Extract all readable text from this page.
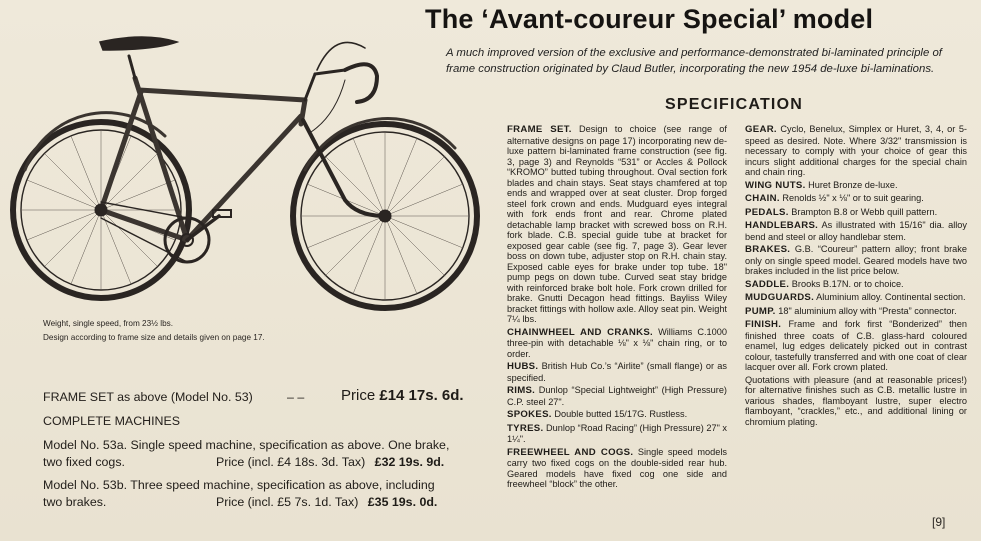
The ‘Avant-coureur Special’ model
A much improved version of the exclusive and performance-demonstrated bi-laminated principle of frame construction originated by Claud Butler, incorporating the new 1954 de-luxe bi-laminations.

Weight, single speed, from 23½ lbs.

Design according to frame size and details given on page 17.

SPECIFICATION

FRAME SET. Design to choice (see range of alternative designs on page 17) incorporating new de-luxe pattern bi-laminated frame construction (see fig. 3, page 3) and Reynolds “531” or Accles & Pollock “KROMO” butted tubing throughout. Oval section fork blades and chain stays. Seat stays chamfered at top ends and wrapped over at seat cluster. Drop forged steel fork crown and ends. Mudguard eyes integral with fork ends front and rear. Chrome plated detachable lamp bracket with screwed boss on R.H. fork blade. C.B. special guide tube at bracket for exposed gear cable (see fig. 7, page 3). Gear lever boss on down tube, adjuster stop on R.H. chain stay. Exposed cable eyes for brake under top tube. 18" pump pegs on down tube. Curved seat stay bridge with reinforced brake bolt hole. Fork crown drilled for brake. Gnutti Decagon head fittings. Bayliss Wiley bracket fittings with hollow axle. Alloy seat pin. Weight 7¼ lbs.

CHAINWHEEL AND CRANKS. Williams C.1000 three-pin with detachable ⅛" x ⅛" chain ring, or to order.

HUBS. British Hub Co.’s “Airlite” (small flange) or as specified.

RIMS. Dunlop “Special Lightweight” (High Pressure) C.P. steel 27".

SPOKES. Double butted 15/17G. Rustless.

TYRES. Dunlop “Road Racing” (High Pressure) 27" x 1¼".

FREEWHEEL AND COGS. Single speed models carry two fixed cogs on the double-sided rear hub. Geared models have fixed cog one side and freewheel “block” the other.

GEAR. Cyclo, Benelux, Simplex or Huret, 3, 4, or 5-speed as desired. Note. Where 3/32" transmission is necessary to comply with your choice of gear this incurs slight additional charges for the special chain and chain ring.

WING NUTS. Huret Bronze de-luxe.

CHAIN. Renolds ½" x ⅛" or to suit gearing.

PEDALS. Brampton B.8 or Webb quill pattern.

HANDLEBARS. As illustrated with 15/16" dia. alloy bend and steel or alloy handlebar stem.

BRAKES. G.B. “Coureur” pattern alloy; front brake only on single speed model. Geared models have two brakes included in the list price below.

SADDLE. Brooks B.17N. or to choice.

MUDGUARDS. Aluminium alloy. Continental section.

PUMP. 18" aluminium alloy with “Presta” connector.

FINISH. Frame and fork first “Bonderized” then finished three coats of C.B. glass-hard coloured enamel, lug edges delicately picked out in contrast colour, tastefully transferred and with one coat of clear lacquer over all. Fork crown plated.

Quotations with pleasure (and at reasonable prices!) for alternative finishes such as C.B. metallic lustre in various shades, flamboyant lustre, super electro flamboyant, “crackles,” etc., and additional lining or chromium plating.

FRAME SET as above (Model No. 53)	– – Price £14 17s. 6d.
COMPLETE MACHINES
Model No. 53a. Single speed machine, specification as above. One brake,
two fixed cogs.	Price (incl. £4 18s. 3d. Tax) £32 19s. 9d.
Model No. 53b. Three speed machine, specification as above, including
two brakes.	Price (incl. £5 7s. 1d. Tax) £35 19s. 0d.
[9]
